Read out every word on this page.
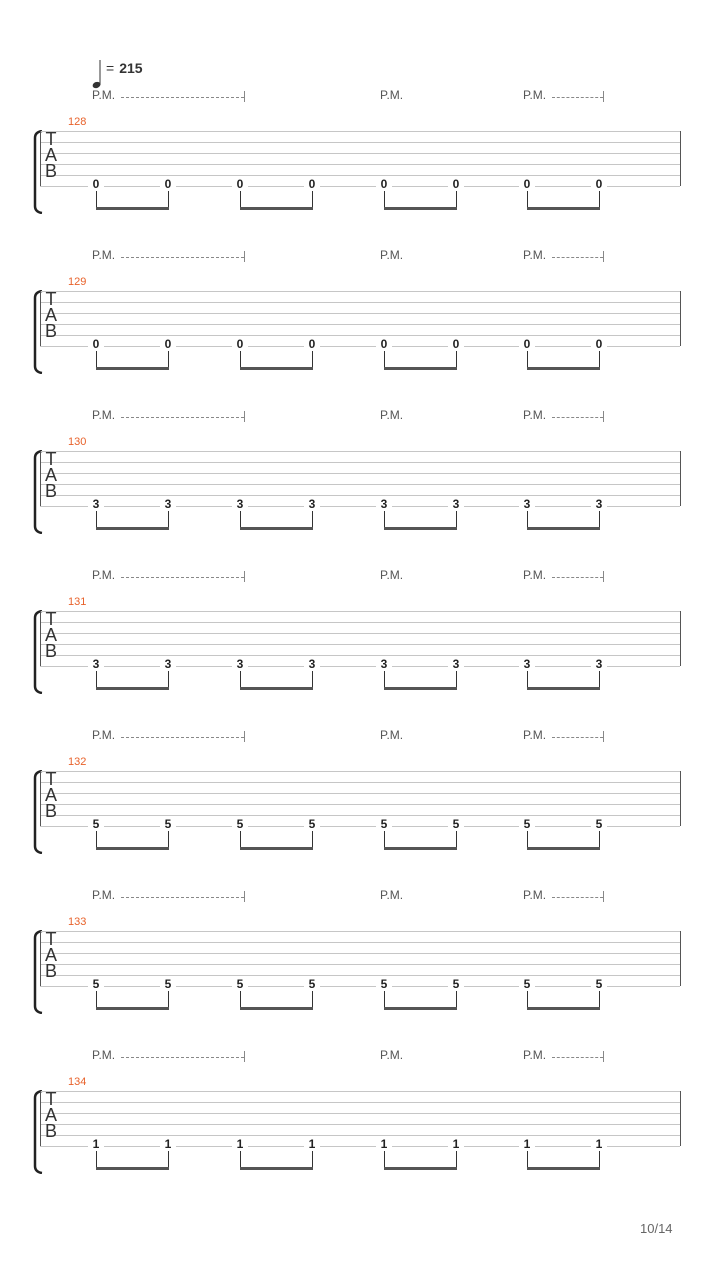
= 215
P.M.	P.M.	P.M.
128
T
A
B
0	0	0	0	0	0	0	0
P.M.	P.M.	P.M.
129
T
A
B
0	0	0	0	0	0	0	0
P.M.	P.M.	P.M.
130
T
A
B
3	3	3	3	3	3	3	3
P.M.	P.M.	P.M.
131
T
A
B
3	3	3	3	3	3	3	3
P.M.	P.M.	P.M.
132
T
A
B
5	5	5	5	5	5	5	5
P.M.	P.M.	P.M.
133
T
A
B
5	5	5	5	5	5	5	5
P.M.	P.M.	P.M.
134
T
A
B
1	1	1	1	1	1	1	1
10/14
